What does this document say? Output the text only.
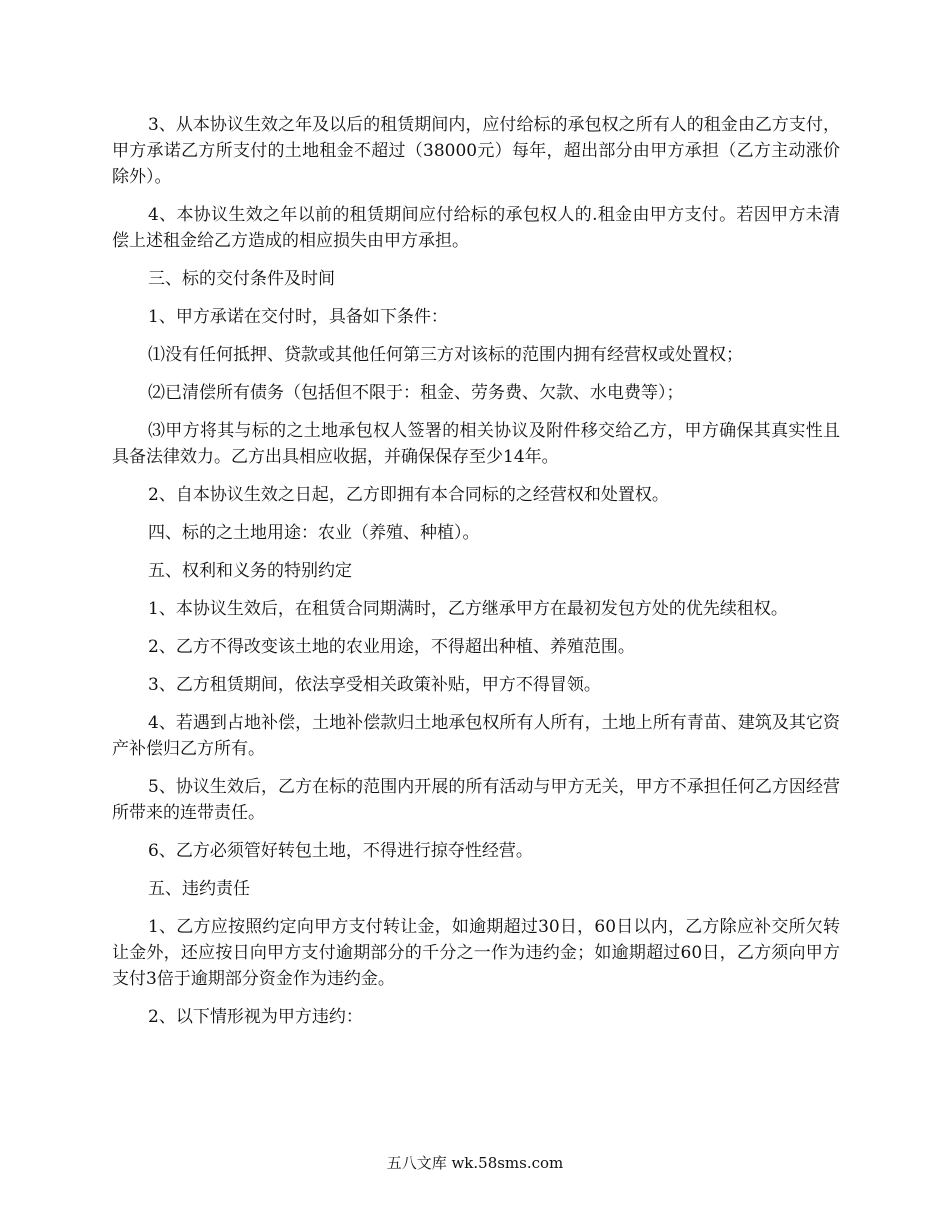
3、从本协议生效之年及以后的租赁期间内，应付给标的承包权之所有人的租金由乙方支付，甲方承诺乙方所支付的土地租金不超过（38000元）每年，超出部分由甲方承担（乙方主动涨价除外）。

4、本协议生效之年以前的租赁期间应付给标的承包权人的.租金由甲方支付。若因甲方未清偿上述租金给乙方造成的相应损失由甲方承担。

三、标的交付条件及时间

1、甲方承诺在交付时，具备如下条件：

⑴没有任何抵押、贷款或其他任何第三方对该标的范围内拥有经营权或处置权；

⑵已清偿所有债务（包括但不限于：租金、劳务费、欠款、水电费等）；

⑶甲方将其与标的之土地承包权人签署的相关协议及附件移交给乙方，甲方确保其真实性且具备法律效力。乙方出具相应收据，并确保保存至少14年。

2、自本协议生效之日起，乙方即拥有本合同标的之经营权和处置权。

四、标的之土地用途：农业（养殖、种植）。

五、权利和义务的特别约定

1、本协议生效后，在租赁合同期满时，乙方继承甲方在最初发包方处的优先续租权。

2、乙方不得改变该土地的农业用途，不得超出种植、养殖范围。

3、乙方租赁期间，依法享受相关政策补贴，甲方不得冒领。

4、若遇到占地补偿，土地补偿款归土地承包权所有人所有，土地上所有青苗、建筑及其它资产补偿归乙方所有。

5、协议生效后，乙方在标的范围内开展的所有活动与甲方无关，甲方不承担任何乙方因经营所带来的连带责任。

6、乙方必须管好转包土地，不得进行掠夺性经营。

五、违约责任

1、乙方应按照约定向甲方支付转让金，如逾期超过30日，60日以内，乙方除应补交所欠转让金外，还应按日向甲方支付逾期部分的千分之一作为违约金；如逾期超过60日，乙方须向甲方支付3倍于逾期部分资金作为违约金。

2、以下情形视为甲方违约：

五八文库 wk.58sms.com
